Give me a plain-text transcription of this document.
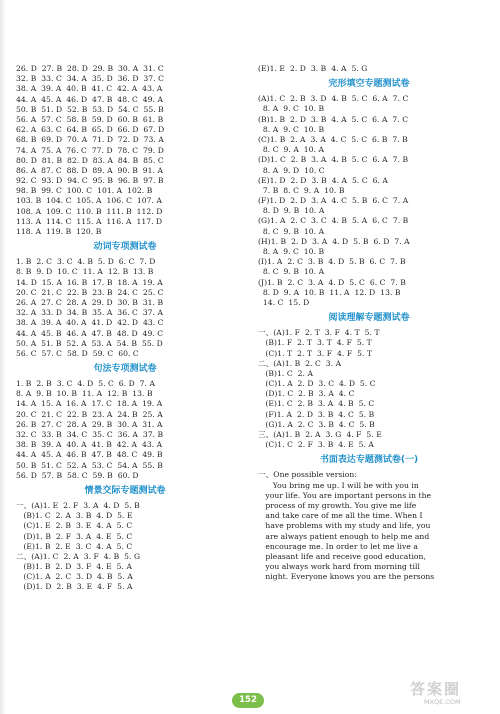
26. D  27. B  28. D  29. B  30. A  31. C
32. B  33. C  34. A  35. D  36. D  37. C
38. A  39. A  40. B  41. C  42. A  43. A
44. A  45. A  46. D  47. B  48. C  49. A
50. B  51. D  52. B  53. D  54. C  55. B
56. A  57. C  58. B  59. D  60. B  61. B
62. A  63. C  64. B  65. D  66. D  67. D
68. B  69. D  70. A  71. D  72. D  73. A
74. A  75. A  76. C  77. D  78. C  79. D
80. D  81. B  82. D  83. A  84. B  85. C
86. A  87. C  88. D  89. A  90. B  91. A
92. C  93. D  94. C  95. B  96. B  97. B
98. B  99. C  100. C  101. A  102. B
103. B  104. C  105. A  106. C  107. A
108. A  109. C  110. B  111. B  112. D
113. A  114. C  115. A  116. A  117. D
118. A  119. B  120. B
动词专项测试卷
1. B  2. C  3. C  4. B  5. D  6. C  7. D
8. B  9. D  10. C  11. A  12. B  13. B
14. D  15. A  16. B  17. B  18. A  19. A
20. C  21. C  22. B  23. B  24. C  25. C
26. A  27. C  28. A  29. D  30. B  31. B
32. A  33. D  34. B  35. A  36. C  37. A
38. A  39. A  40. A  41. D  42. D  43. C
44. A  45. B  46. A  47. B  48. D  49. C
50. A  51. B  52. A  53. A  54. B  55. D
56. C  57. C  58. D  59. C  60. C
句法专项测试卷
1. B  2. B  3. C  4. D  5. C  6. D  7. A
8. A  9. B  10. B  11. A  12. B  13. B
14. A  15. A  16. A  17. C  18. A  19. A
20. C  21. C  22. B  23. A  24. B  25. A
26. B  27. C  28. A  29. B  30. A  31. A
32. C  33. B  34. C  35. C  36. A  37. B
38. B  39. A  40. A  41. B  42. A  43. A
44. A  45. A  46. B  47. B  48. C  49. B
50. B  51. C  52. A  53. C  54. A  55. B
56. D  57. B  58. C  59. B  60. D
情景交际专题测试卷
一、(A)1. E  2. F  3. A  4. D  5. B
(B)1. C  2. A  3. B  4. D  5. E
(C)1. E  2. B  3. E  4. A  5. C
(D)1. B  2. F  3. A  4. E  5. C
(E)1. B  2. E  3. C  4. A  5. C
二、(A)1. C  2. A  3. F  4. B  5. G
(B)1. B  2. D  3. F  4. E  5. A
(C)1. A  2. C  3. D  4. B  5. A
(D)1. D  2. B  3. E  4. F  5. A
(E)1. E  2. D  3. B  4. A  5. G
完形填空专题测试卷
(A)1. C  2. B  3. D  4. B  5. C  6. A  7. C
8. A  9. C  10. B
(B)1. B  2. D  3. B  4. A  5. C  6. A  7. C
8. A  9. C  10. B
(C)1. B  2. A  3. A  4. C  5. C  6. B  7. B
8. C  9. A  10. A
(D)1. C  2. B  3. A  4. B  5. C  6. A  7. B
8. A  9. D  10. C
(E)1. D  2. D  3. B  4. A  5. C  6. A
7. B  8. C  9. A  10. B
(F)1. D  2. D  3. A  4. C  5. B  6. C  7. A
8. D  9. B  10. A
(G)1. A  2. C  3. C  4. B  5. A  6. C  7. B
8. C  9. B  10. A
(H)1. B  2. D  3. A  4. D  5. B  6. D  7. A
8. A  9. C  10. B
(I)1. A  2. C  3. B  4. D  5. B  6. C  7. B
8. C  9. B  10. A
(J)1. B  2. C  3. A  4. D  5. C  6. C  7. B
8. D  9. A  10. B  11. A  12. D  13. B
14. C  15. D
阅读理解专题测试卷
一、(A)1. F  2. T  3. F  4. T  5. T
(B)1. F  2. T  3. T  4. F  5. T
(C)1. T  2. T  3. F  4. F  5. T
二、(A)1. B  2. C  3. A
(B)1. C  2. A
(C)1. A  2. D  3. C  4. D  5. C
(D)1. C  2. B  3. A  4. C
(E)1. C  2. B  3. A  4. B  5. C
(F)1. A  2. D  3. B  4. C  5. B
(G)1. A  2. C  3. B  4. C  5. B
三、(A)1. B  2. A  3. G  4. F  5. E
(C)1. C  2. F  3. B  4. E  5. A
书面表达专题测试卷(一)
一、One possible version:
You bring me up. I will be with you in
your life. You are important persons in the
process of my growth. You give me life
and take care of me all the time. When I
have problems with my study and life, you
are always patient enough to help me and
encourage me. In order to let me live a
pleasant life and receive good education,
you always work hard from morning till
night. Everyone knows you are the persons
152
答案圈
MXQE.COM
